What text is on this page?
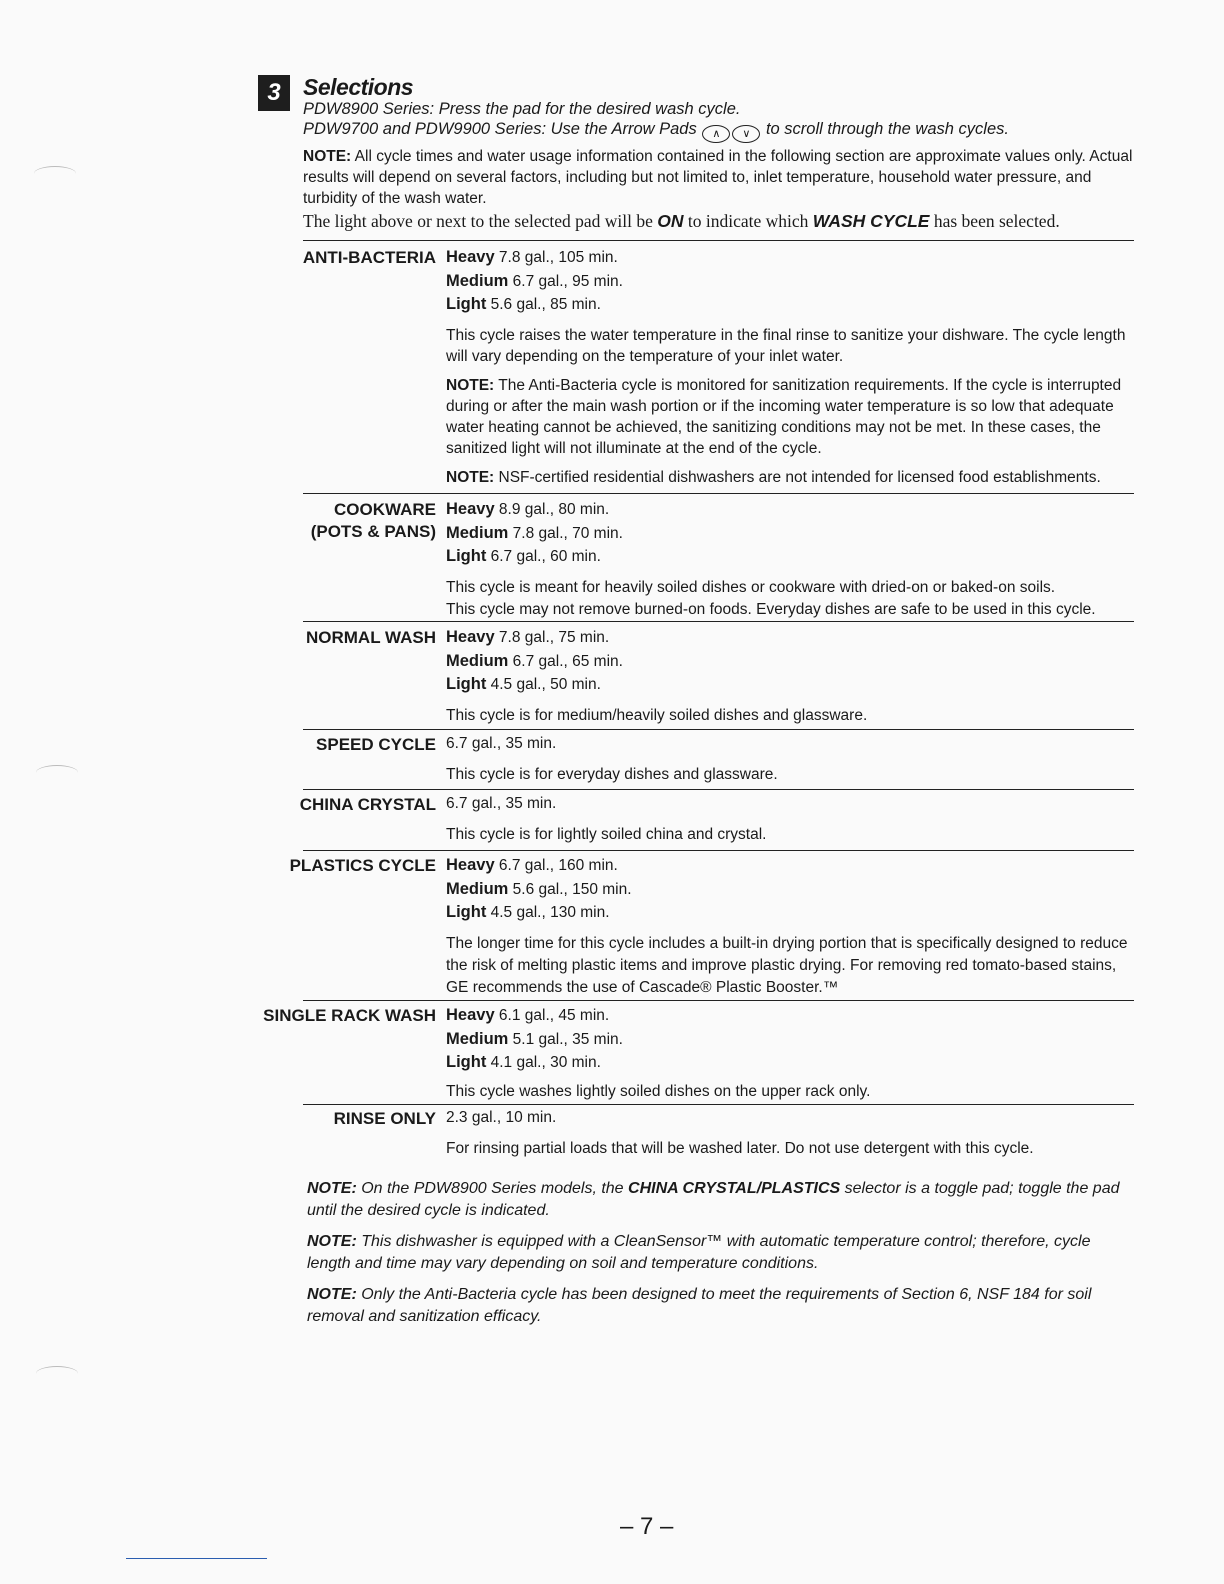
3 Selections
PDW8900 Series: Press the pad for the desired wash cycle.
PDW9700 and PDW9900 Series: Use the Arrow Pads ∧ ∨ to scroll through the wash cycles.
NOTE: All cycle times and water usage information contained in the following section are approximate values only. Actual results will depend on several factors, including but not limited to, inlet temperature, household water pressure, and turbidity of the wash water.
The light above or next to the selected pad will be ON to indicate which WASH CYCLE has been selected.
ANTI-BACTERIA Heavy 7.8 gal., 105 min.
Medium 6.7 gal., 95 min.
Light 5.6 gal., 85 min.

This cycle raises the water temperature in the final rinse to sanitize your dishware. The cycle length will vary depending on the temperature of your inlet water.

NOTE: The Anti-Bacteria cycle is monitored for sanitization requirements. If the cycle is interrupted during or after the main wash portion or if the incoming water temperature is so low that adequate water heating cannot be achieved, the sanitizing conditions may not be met. In these cases, the sanitized light will not illuminate at the end of the cycle.

NOTE: NSF-certified residential dishwashers are not intended for licensed food establishments.

COOKWARE
(POTS & PANS)
Heavy 8.9 gal., 80 min.
Medium 7.8 gal., 70 min.
Light 6.7 gal., 60 min.

This cycle is meant for heavily soiled dishes or cookware with dried-on or baked-on soils.
This cycle may not remove burned-on foods. Everyday dishes are safe to be used in this cycle.

NORMAL WASH Heavy 7.8 gal., 75 min.
Medium 6.7 gal., 65 min.
Light 4.5 gal., 50 min.

This cycle is for medium/heavily soiled dishes and glassware.

SPEED CYCLE 6.7 gal., 35 min.

This cycle is for everyday dishes and glassware.

CHINA CRYSTAL 6.7 gal., 35 min.

This cycle is for lightly soiled china and crystal.

PLASTICS CYCLE Heavy 6.7 gal., 160 min.
Medium 5.6 gal., 150 min.
Light 4.5 gal., 130 min.

The longer time for this cycle includes a built-in drying portion that is specifically designed to reduce the risk of melting plastic items and improve plastic drying. For removing red tomato-based stains, GE recommends the use of Cascade® Plastic Booster.™

SINGLE RACK WASH Heavy 6.1 gal., 45 min.
Medium 5.1 gal., 35 min.
Light 4.1 gal., 30 min.

This cycle washes lightly soiled dishes on the upper rack only.

RINSE ONLY 2.3 gal., 10 min.

For rinsing partial loads that will be washed later. Do not use detergent with this cycle.

NOTE: On the PDW8900 Series models, the CHINA CRYSTAL/PLASTICS selector is a toggle pad; toggle the pad until the desired cycle is indicated.
NOTE: This dishwasher is equipped with a CleanSensor™ with automatic temperature control; therefore, cycle length and time may vary depending on soil and temperature conditions.
NOTE: Only the Anti-Bacteria cycle has been designed to meet the requirements of Section 6, NSF 184 for soil removal and sanitization efficacy.
– 7 –
